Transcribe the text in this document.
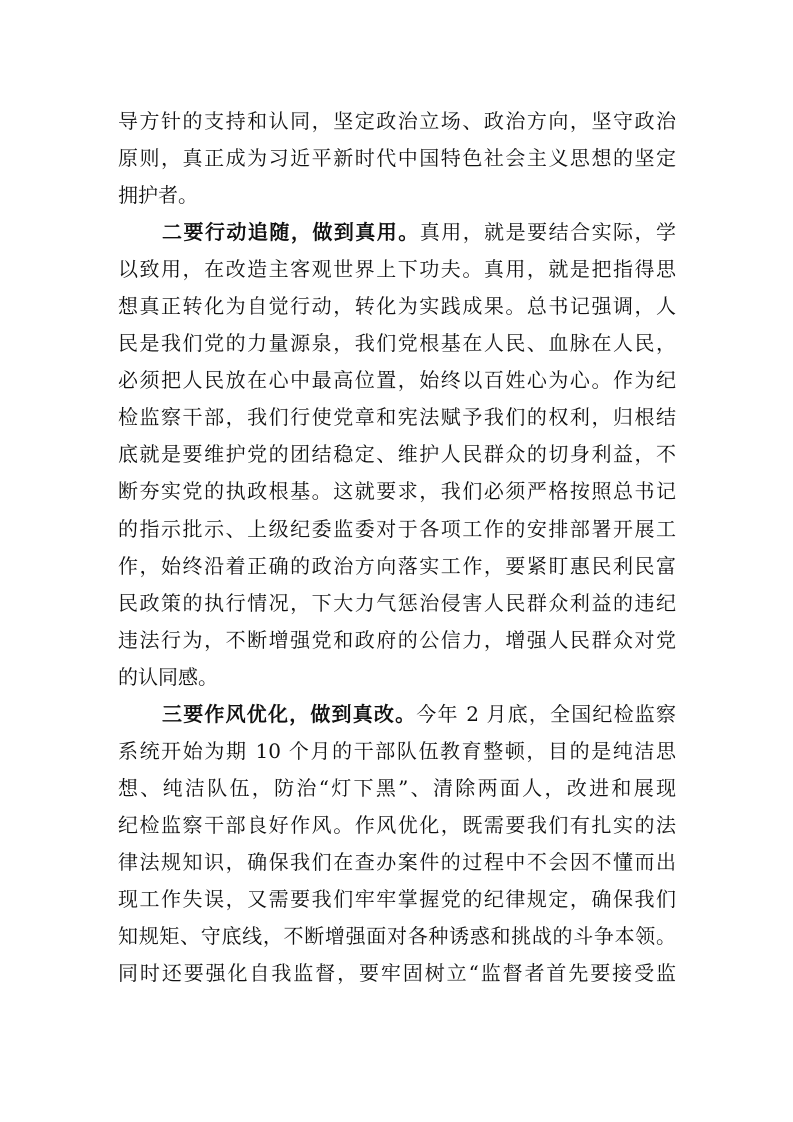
导方针的支持和认同，坚定政治立场、政治方向，坚守政治
原则，真正成为习近平新时代中国特色社会主义思想的坚定
拥护者。
二要行动追随，做到真用。真用，就是要结合实际，学
以致用，在改造主客观世界上下功夫。真用，就是把指得思
想真正转化为自觉行动，转化为实践成果。总书记强调，人
民是我们党的力量源泉，我们党根基在人民、血脉在人民，
必须把人民放在心中最高位置，始终以百姓心为心。作为纪
检监察干部，我们行使党章和宪法赋予我们的权利，归根结
底就是要维护党的团结稳定、维护人民群众的切身利益，不
断夯实党的执政根基。这就要求，我们必须严格按照总书记
的指示批示、上级纪委监委对于各项工作的安排部署开展工
作，始终沿着正确的政治方向落实工作，要紧盯惠民利民富
民政策的执行情况，下大力气惩治侵害人民群众利益的违纪
违法行为，不断增强党和政府的公信力，增强人民群众对党
的认同感。
三要作风优化，做到真改。今年 2 月底，全国纪检监察
系统开始为期 10 个月的干部队伍教育整顿，目的是纯洁思
想、纯洁队伍，防治“灯下黑”、清除两面人，改进和展现
纪检监察干部良好作风。作风优化，既需要我们有扎实的法
律法规知识，确保我们在查办案件的过程中不会因不懂而出
现工作失误，又需要我们牢牢掌握党的纪律规定，确保我们
知规矩、守底线，不断增强面对各种诱惑和挑战的斗争本领。
同时还要强化自我监督，要牢固树立“监督者首先要接受监
